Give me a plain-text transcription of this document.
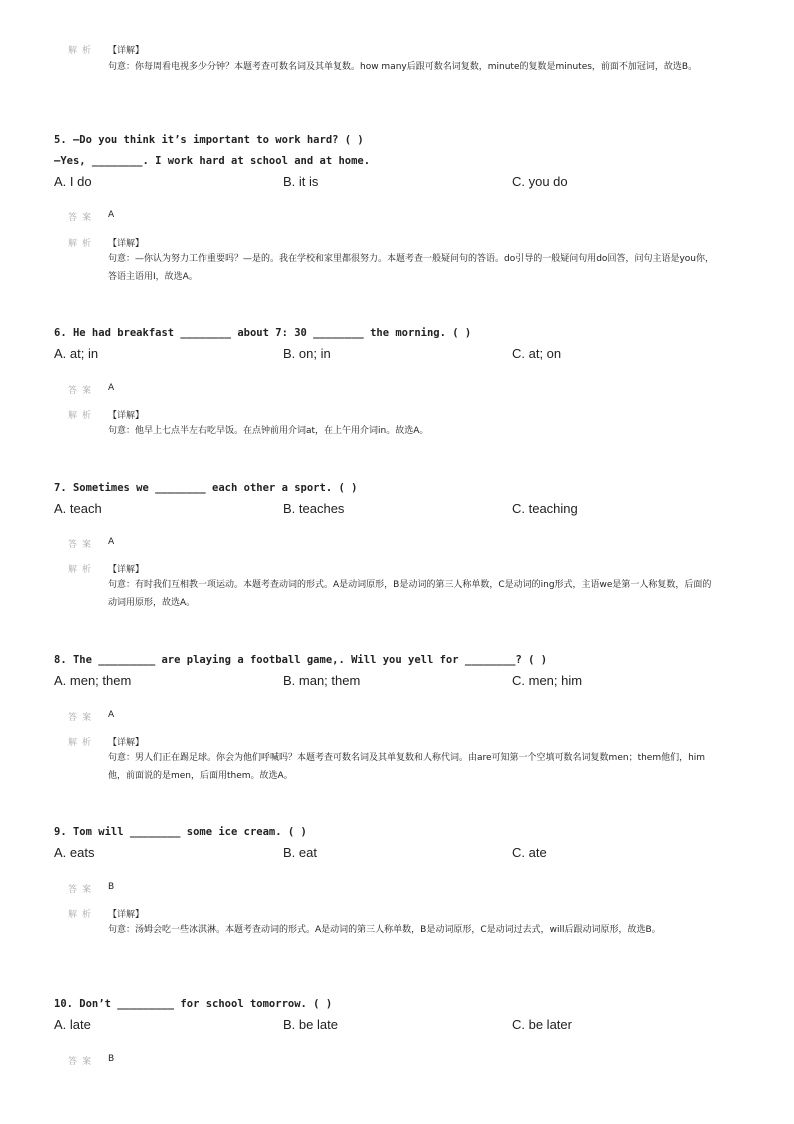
解析 【详解】
句意：你每周看电视多少分钟？本题考查可数名词及其单复数。how many后跟可数名词复数，minute的复数是minutes，前面不加冠词，故选B。
5. —Do you think it’s important to work hard? ( )
—Yes, ________. I work hard at school and at home.
A. I do	B. it is	C. you do
答案 A
解析 【详解】
句意：—你认为努力工作重要吗？—是的。我在学校和家里都很努力。本题考查一般疑问句的答语。do引导的一般疑问句用do回答，问句主语是you你，答语主语用I，故选A。
6. He had breakfast ________ about 7: 30 ________ the morning. ( )
A. at; in	B. on; in	C. at; on
答案 A
解析 【详解】
句意：他早上七点半左右吃早饭。在点钟前用介词at，在上午用介词in。故选A。
7. Sometimes we ________ each other a sport. ( )
A. teach	B. teaches	C. teaching
答案 A
解析 【详解】
句意：有时我们互相教一项运动。本题考查动词的形式。A是动词原形，B是动词的第三人称单数，C是动词的ing形式，主语we是第一人称复数，后面的动词用原形，故选A。
8. The _________ are playing a football game,. Will you yell for ________? ( )
A. men; them	B. man; them	C. men; him
答案 A
解析 【详解】
句意：男人们正在踢足球。你会为他们呼喊吗？本题考查可数名词及其单复数和人称代词。由are可知第一个空填可数名词复数men；them他们，him他，前面说的是men，后面用them。故选A。
9. Tom will ________ some ice cream. ( )
A. eats	B. eat	C. ate
答案 B
解析 【详解】
句意：汤姆会吃一些冰淇淋。本题考查动词的形式。A是动词的第三人称单数，B是动词原形，C是动词过去式，will后跟动词原形，故选B。
10. Don’t _________ for school tomorrow. ( )
A. late	B. be late	C. be later
答案 B
